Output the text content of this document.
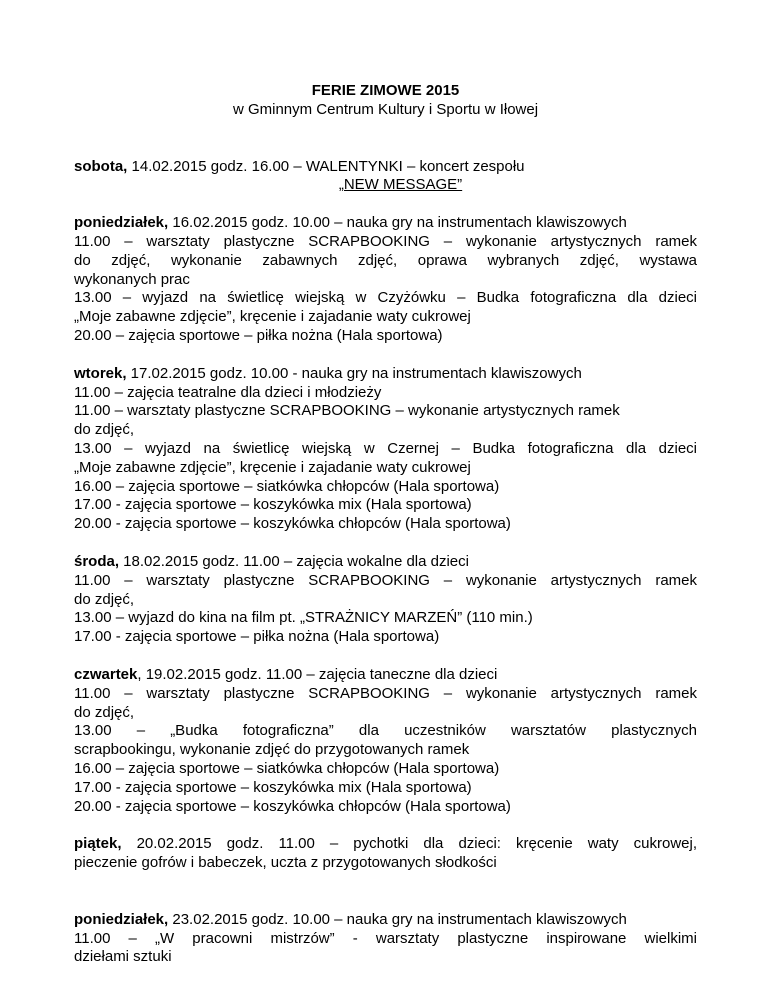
FERIE ZIMOWE 2015
w Gminnym Centrum Kultury i Sportu w Iłowej
sobota, 14.02.2015 godz. 16.00 – WALENTYNKI – koncert zespołu
„NEW MESSAGE”
poniedziałek, 16.02.2015 godz. 10.00 – nauka gry na instrumentach klawiszowych
11.00 – warsztaty plastyczne SCRAPBOOKING – wykonanie artystycznych ramek
do zdjęć, wykonanie zabawnych zdjęć, oprawa wybranych zdjęć, wystawa
wykonanych prac
13.00 – wyjazd na świetlicę wiejską w Czyżówku – Budka fotograficzna dla dzieci
„Moje zabawne zdjęcie”, kręcenie i zajadanie waty cukrowej
20.00 – zajęcia sportowe – piłka nożna (Hala sportowa)
wtorek, 17.02.2015 godz. 10.00 - nauka gry na instrumentach klawiszowych
11.00 – zajęcia teatralne dla dzieci i młodzieży
11.00 – warsztaty plastyczne SCRAPBOOKING – wykonanie artystycznych ramek
do zdjęć,
13.00 – wyjazd na świetlicę wiejską w Czernej – Budka fotograficzna dla dzieci
„Moje zabawne zdjęcie”, kręcenie i zajadanie waty cukrowej
16.00 – zajęcia sportowe – siatkówka chłopców (Hala sportowa)
17.00 - zajęcia sportowe – koszykówka mix (Hala sportowa)
20.00 - zajęcia sportowe – koszykówka chłopców (Hala sportowa)
środa, 18.02.2015 godz. 11.00 – zajęcia wokalne dla dzieci
11.00 – warsztaty plastyczne SCRAPBOOKING – wykonanie artystycznych ramek
do zdjęć,
13.00 – wyjazd do kina na film pt. „STRAŻNICY MARZEŃ” (110 min.)
17.00 - zajęcia sportowe – piłka nożna (Hala sportowa)
czwartek, 19.02.2015 godz. 11.00 – zajęcia taneczne dla dzieci
11.00 – warsztaty plastyczne SCRAPBOOKING – wykonanie artystycznych ramek
do zdjęć,
13.00 – „Budka fotograficzna” dla uczestników warsztatów plastycznych
scrapbookingu, wykonanie zdjęć do przygotowanych ramek
16.00 – zajęcia sportowe – siatkówka chłopców (Hala sportowa)
17.00 - zajęcia sportowe – koszykówka mix (Hala sportowa)
20.00 - zajęcia sportowe – koszykówka chłopców (Hala sportowa)
piątek, 20.02.2015 godz. 11.00 – pychotki dla dzieci: kręcenie waty cukrowej,
pieczenie gofrów i babeczek, uczta z przygotowanych słodkości
poniedziałek, 23.02.2015 godz. 10.00 – nauka gry na instrumentach klawiszowych
11.00 – „W pracowni mistrzów” - warsztaty plastyczne inspirowane wielkimi
dziełami sztuki
